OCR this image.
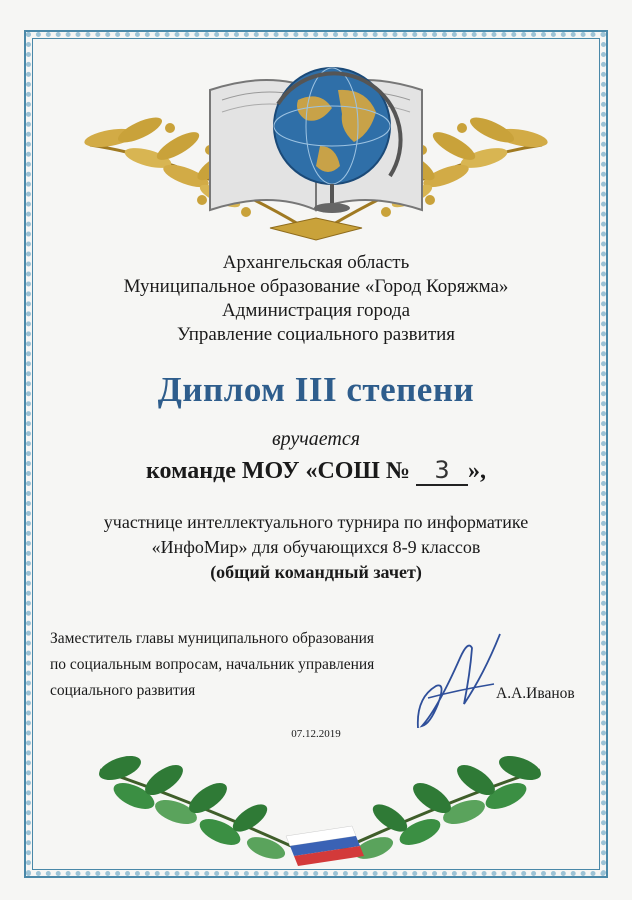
Архангельская область
Муниципальное образование «Город Коряжма»
Администрация города
Управление социального развития
Диплом III степени
вручается
команде МОУ «СОШ № 3 »,
участнице интеллектуального турнира по информатике
«ИнфоМир» для обучающихся 8-9 классов
(общий командный зачет)
Заместитель главы муниципального образования
по социальным вопросам, начальник управления
социального развития	А.А.Иванов
07.12.2019
